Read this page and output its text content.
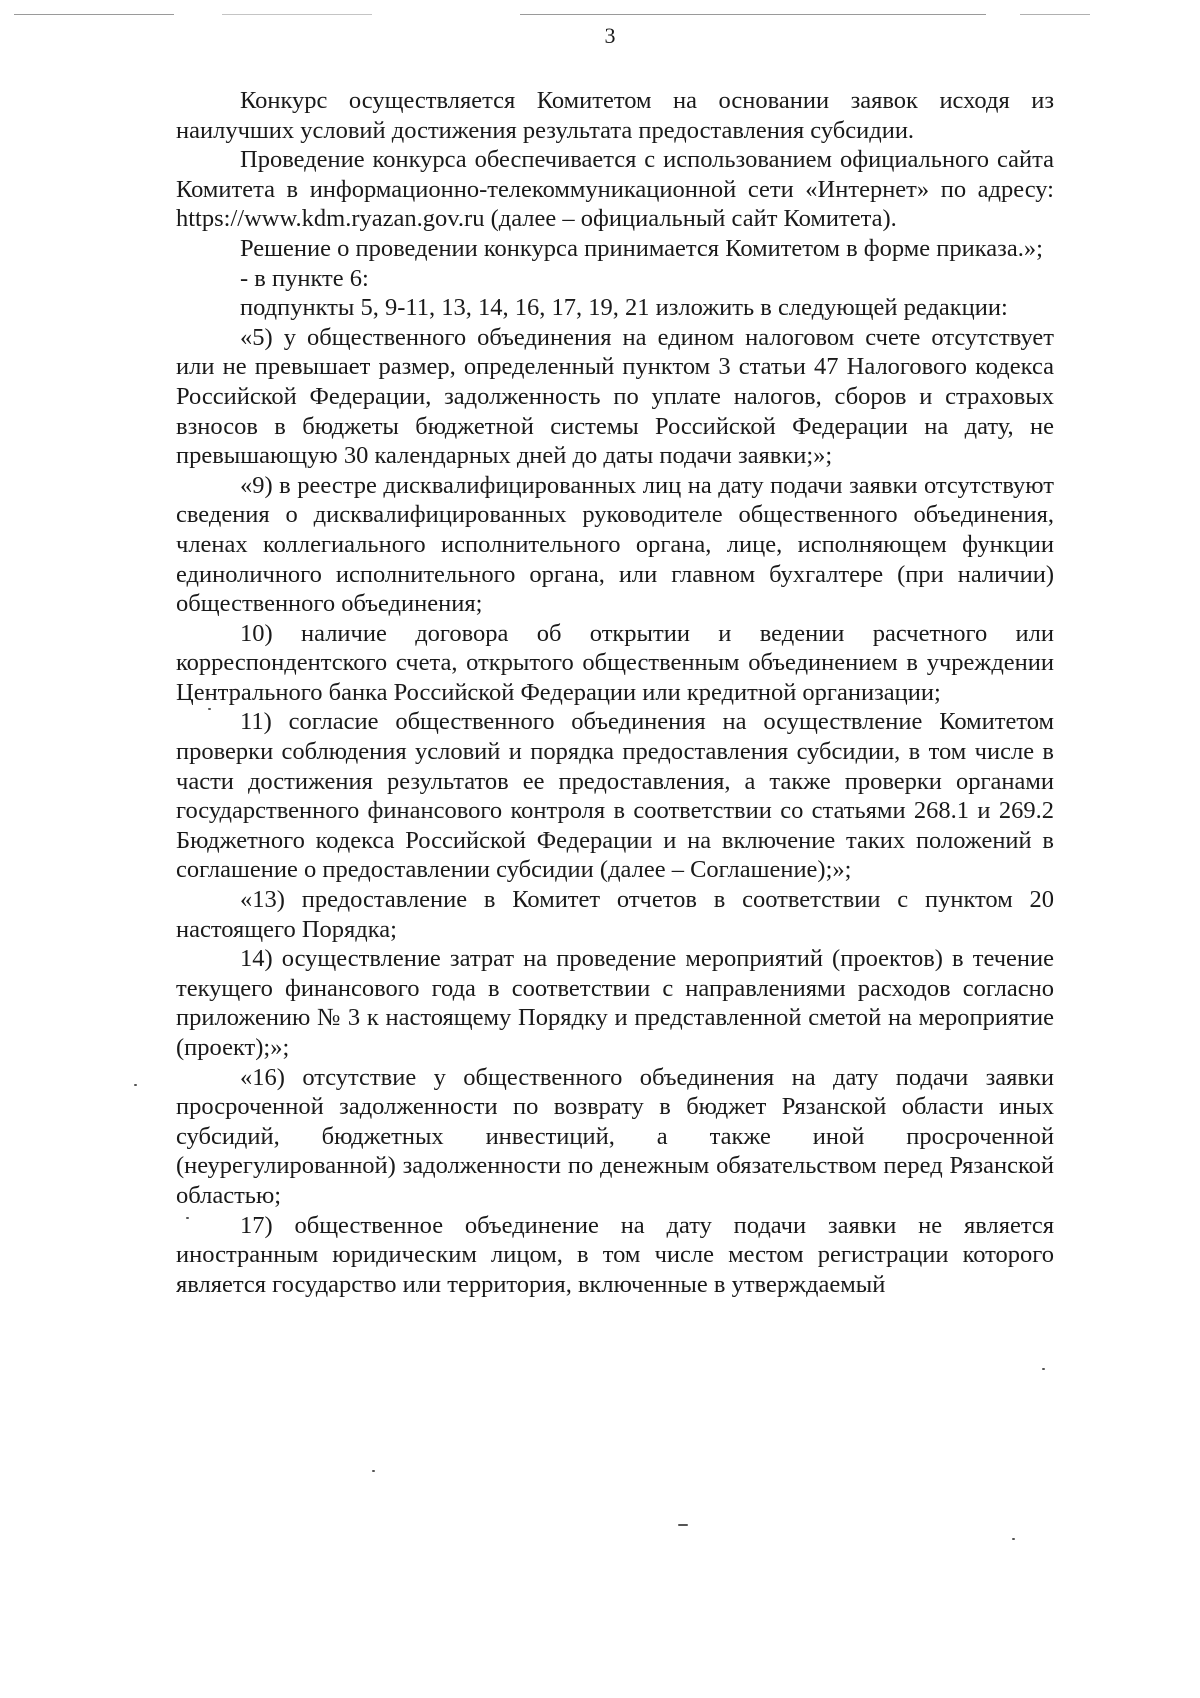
3

Конкурс осуществляется Комитетом на основании заявок исходя из наилучших условий достижения результата предоставления субсидии.

Проведение конкурса обеспечивается с использованием официального сайта Комитета в информационно-телекоммуникационной сети «Интернет» по адресу: https://www.kdm.ryazan.gov.ru (далее – официальный сайт Комитета).

Решение о проведении конкурса принимается Комитетом в форме приказа.»;

- в пункте 6:

подпункты 5, 9-11, 13, 14, 16, 17, 19, 21 изложить в следующей редакции:

«5) у общественного объединения на едином налоговом счете отсутствует или не превышает размер, определенный пунктом 3 статьи 47 Налогового кодекса Российской Федерации, задолженность по уплате налогов, сборов и страховых взносов в бюджеты бюджетной системы Российской Федерации на дату, не превышающую 30 календарных дней до даты подачи заявки;»;

«9) в реестре дисквалифицированных лиц на дату подачи заявки отсутствуют сведения о дисквалифицированных руководителе общественного объединения, членах коллегиального исполнительного органа, лице, исполняющем функции единоличного исполнительного органа, или главном бухгалтере (при наличии) общественного объединения;

10) наличие договора об открытии и ведении расчетного или корреспондентского счета, открытого общественным объединением в учреждении Центрального банка Российской Федерации или кредитной организации;

11) согласие общественного объединения на осуществление Комитетом проверки соблюдения условий и порядка предоставления субсидии, в том числе в части достижения результатов ее предоставления, а также проверки органами государственного финансового контроля в соответствии со статьями 268.1 и 269.2 Бюджетного кодекса Российской Федерации и на включение таких положений в соглашение о предоставлении субсидии (далее – Соглашение);»;

«13) предоставление в Комитет отчетов в соответствии с пунктом 20 настоящего Порядка;

14) осуществление затрат на проведение мероприятий (проектов) в течение текущего финансового года в соответствии с направлениями расходов согласно приложению № 3 к настоящему Порядку и представленной сметой на мероприятие (проект);»;

«16) отсутствие у общественного объединения на дату подачи заявки просроченной задолженности по возврату в бюджет Рязанской области иных субсидий, бюджетных инвестиций, а также иной просроченной (неурегулированной) задолженности по денежным обязательством перед Рязанской областью;

17) общественное объединение на дату подачи заявки не является иностранным юридическим лицом, в том числе местом регистрации которого является государство или территория, включенные в утверждаемый
